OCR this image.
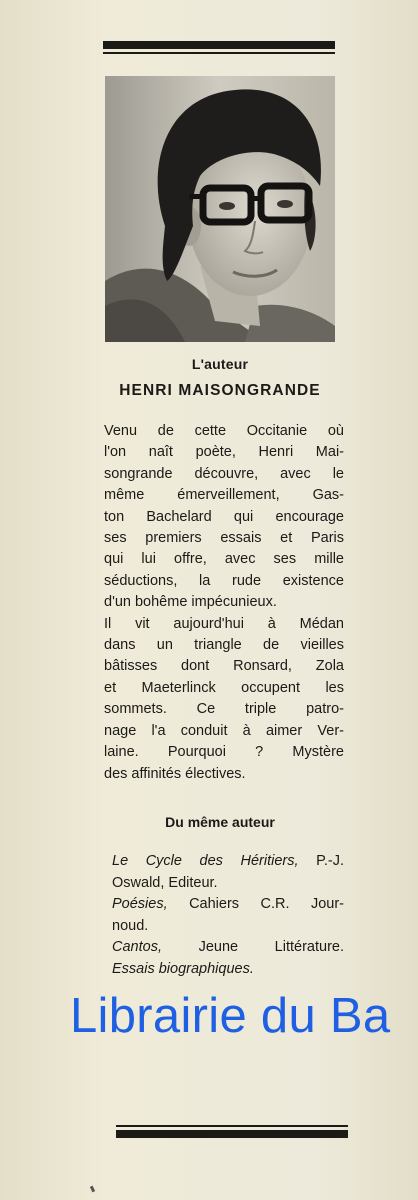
L'auteur
HENRI MAISONGRANDE

Venu de cette Occitanie où
l'on naît poète, Henri Mai-
songrande découvre, avec le
même émerveillement, Gas-
ton Bachelard qui encourage
ses premiers essais et Paris
qui lui offre, avec ses mille
séductions, la rude existence
d'un bohême impécunieux.
Il vit aujourd'hui à Médan
dans un triangle de vieilles
bâtisses dont Ronsard, Zola
et Maeterlinck occupent les
sommets. Ce triple patro-
nage l'a conduit à aimer Ver-
laine. Pourquoi ? Mystère
des affinités électives.

Du même auteur
Le Cycle des Héritiers, P.-J.
Oswald, Editeur.
Poésies, Cahiers C.R. Jour-
noud.
Cantos, Jeune Littérature.
Essais biographiques.
Librairie du Ba
